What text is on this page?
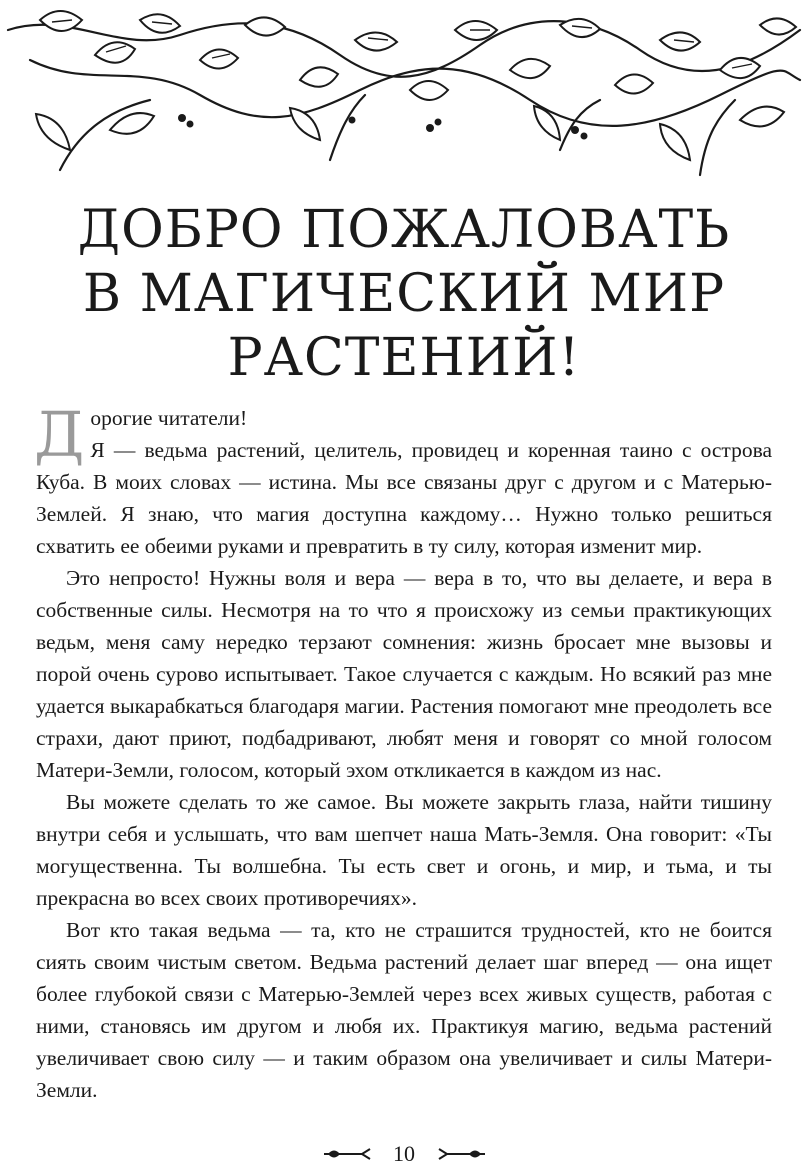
ДОБРО ПОЖАЛОВАТЬ
В МАГИЧЕСКИЙ МИР
РАСТЕНИЙ!

Д орогие читатели!
Я — ведьма растений, целитель, провидец и коренная таино с острова Куба. В моих словах — истина. Мы все связаны друг с другом и с Матерью-Землей. Я знаю, что магия доступна каждому… Нужно только решиться схватить ее обеими руками и превратить в ту силу, которая изменит мир.

Это непросто! Нужны воля и вера — вера в то, что вы делаете, и вера в собственные силы. Несмотря на то что я происхожу из семьи практикующих ведьм, меня саму нередко терзают сомнения: жизнь бросает мне вызовы и порой очень сурово испытывает. Такое случается с каждым. Но всякий раз мне удается выкарабкаться благодаря магии. Растения помогают мне преодолеть все страхи, дают приют, подбадривают, любят меня и говорят со мной голосом Матери-Земли, голосом, который эхом откликается в каждом из нас.

Вы можете сделать то же самое. Вы можете закрыть глаза, найти тишину внутри себя и услышать, что вам шепчет наша Мать-Земля. Она говорит: «Ты могущественна. Ты волшебна. Ты есть свет и огонь, и мир, и тьма, и ты прекрасна во всех своих противоречиях».

Вот кто такая ведьма — та, кто не страшится трудностей, кто не боится сиять своим чистым светом. Ведьма растений делает шаг вперед — она ищет более глубокой связи с Матерью-Землей через всех живых существ, работая с ними, становясь им другом и любя их. Практикуя магию, ведьма растений увеличивает свою силу — и таким образом она увеличивает и силы Матери-Земли.

10
